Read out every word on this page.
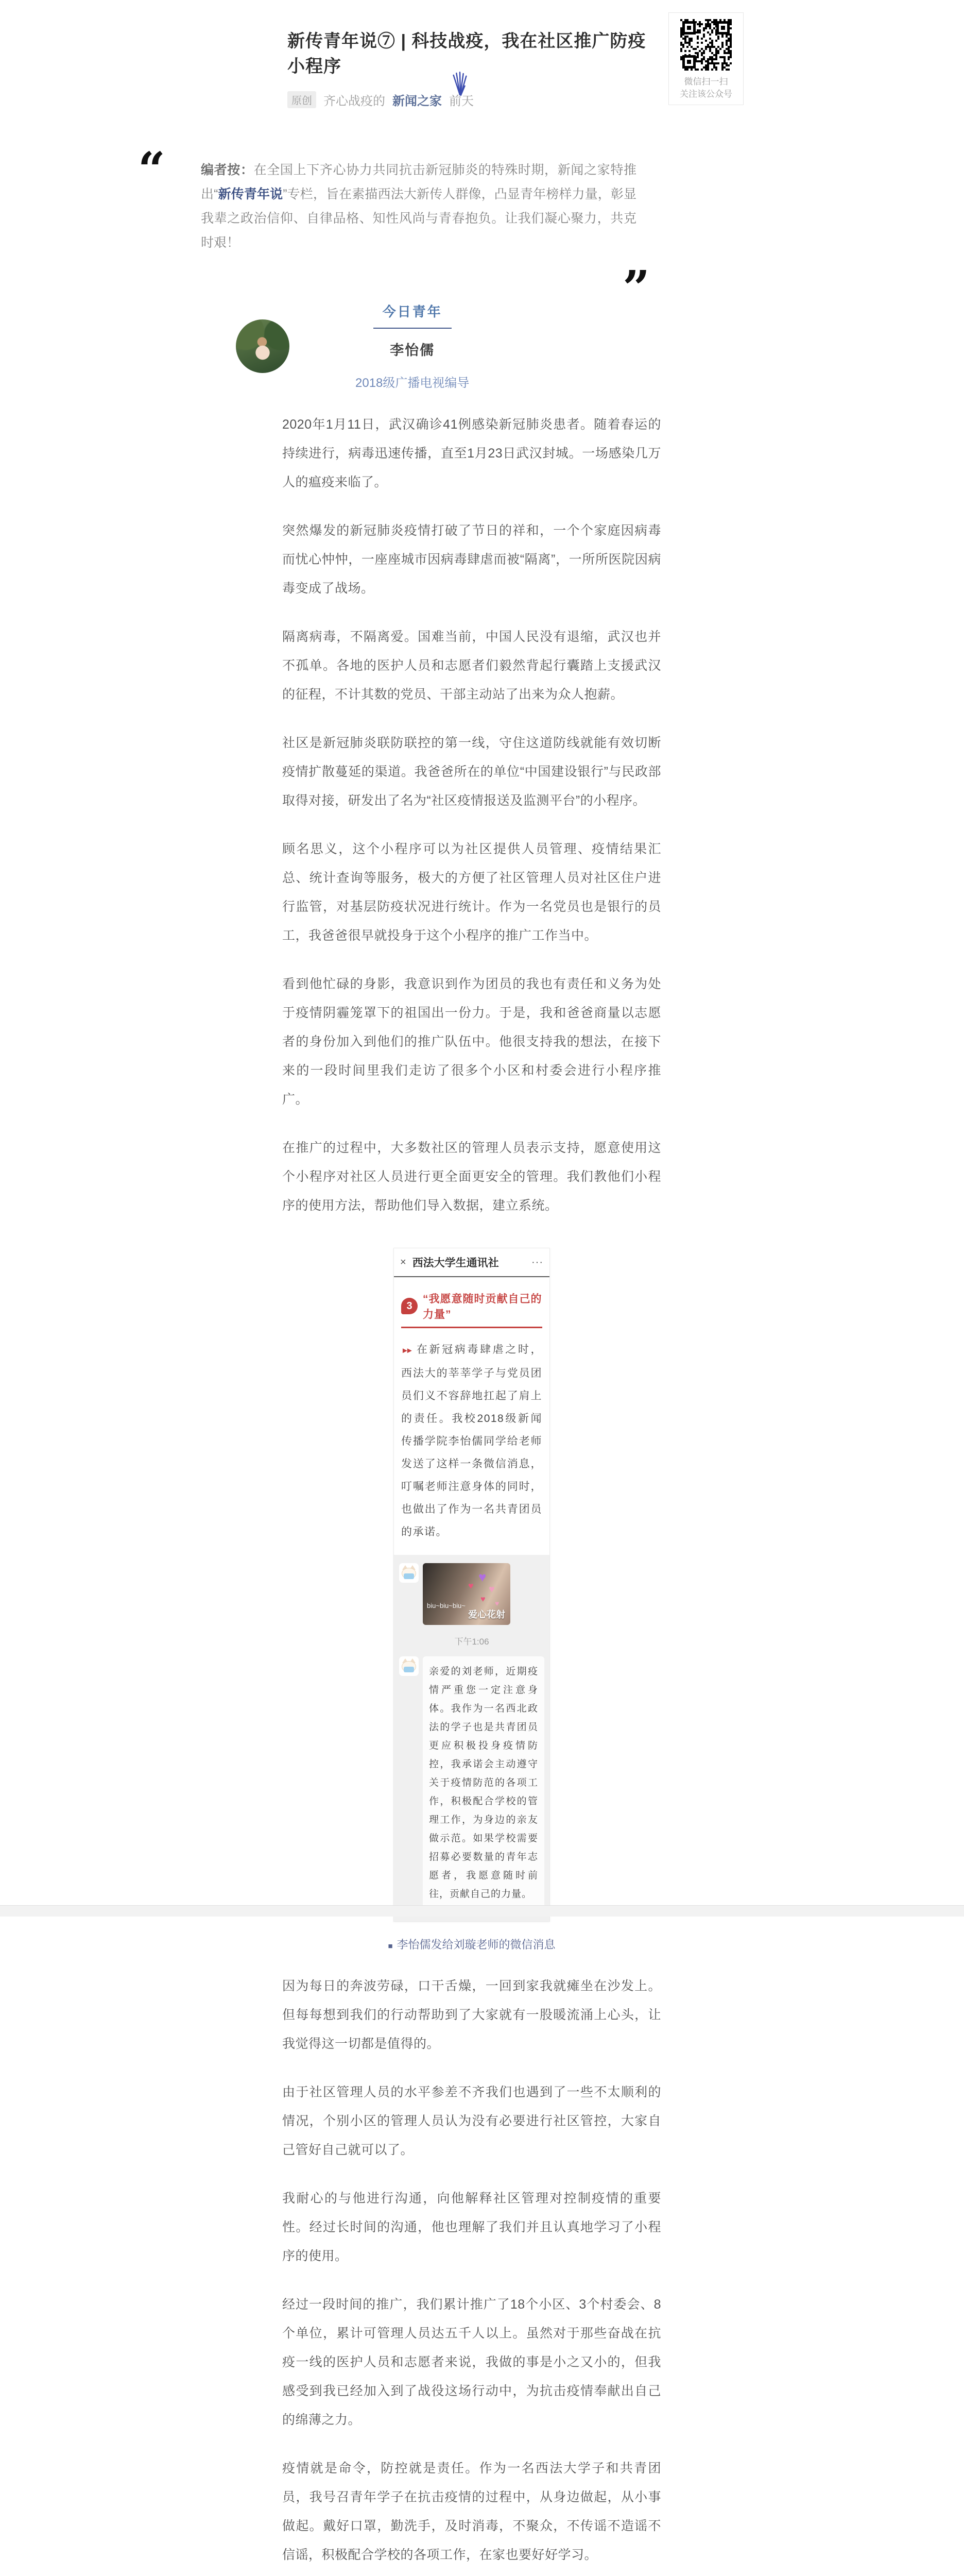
微信扫一扫
关注该公众号
新传青年说⑦ | 科技战疫，我在社区推广防疫小程序
原创 齐心战疫的 新闻之家 前天
“	编者按：在全国上下齐心协力共同抗击新冠肺炎的特殊时期，新闻之家特推出“新传青年说”专栏，旨在素描西法大新传人群像，凸显青年榜样力量，彰显我辈之政治信仰、自律品格、知性风尚与青春抱负。让我们凝心聚力，共克时艰！
”
今日青年
李怡儒
2018级广播电视编导

2020年1月11日，武汉确诊41例感染新冠肺炎患者。随着春运的持续进行，病毒迅速传播，直至1月23日武汉封城。一场感染几万人的瘟疫来临了。

突然爆发的新冠肺炎疫情打破了节日的祥和，一个个家庭因病毒而忧心忡忡，一座座城市因病毒肆虐而被“隔离”，一所所医院因病毒变成了战场。

隔离病毒，不隔离爱。国难当前，中国人民没有退缩，武汉也并不孤单。各地的医护人员和志愿者们毅然背起行囊踏上支援武汉的征程，不计其数的党员、干部主动站了出来为众人抱薪。

社区是新冠肺炎联防联控的第一线，守住这道防线就能有效切断疫情扩散蔓延的渠道。我爸爸所在的单位“中国建设银行”与民政部取得对接，研发出了名为“社区疫情报送及监测平台”的小程序。

顾名思义，这个小程序可以为社区提供人员管理、疫情结果汇总、统计查询等服务，极大的方便了社区管理人员对社区住户进行监管，对基层防疫状况进行统计。作为一名党员也是银行的员工，我爸爸很早就投身于这个小程序的推广工作当中。

看到他忙碌的身影，我意识到作为团员的我也有责任和义务为处于疫情阴霾笼罩下的祖国出一份力。于是，我和爸爸商量以志愿者的身份加入到他们的推广队伍中。他很支持我的想法，在接下来的一段时间里我们走访了很多个小区和村委会进行小程序推广。

在推广的过程中，大多数社区的管理人员表示支持，愿意使用这个小程序对社区人员进行更全面更安全的管理。我们教他们小程序的使用方法，帮助他们导入数据，建立系统。

× 西法大学生通讯社	···
3
“我愿意随时贡献自己的力量”

►► 在新冠病毒肆虐之时，西法大的莘莘学子与党员团员们义不容辞地扛起了肩上的责任。我校2018级新闻传播学院李怡儒同学给老师发送了这样一条微信消息，叮嘱老师注意身体的同时，也做出了作为一名共青团员的承诺。

♥
♥ ♥
♥ ♥
biu~biu~biu~
爱心花射
下午1:06
亲爱的刘老师，近期疫情严重您一定注意身体。我作为一名西北政法的学子也是共青团员更应积极投身疫情防控，我承诺会主动遵守关于疫情防范的各项工作，积极配合学校的管理工作，为身边的亲友做示范。如果学校需要招募必要数量的青年志愿者，我愿意随时前往，贡献自己的力量。
■ 李怡儒发给刘璇老师的微信消息

因为每日的奔波劳碌，口干舌燥，一回到家我就瘫坐在沙发上。但每每想到我们的行动帮助到了大家就有一股暖流涌上心头，让我觉得这一切都是值得的。

由于社区管理人员的水平参差不齐我们也遇到了一些不太顺利的情况，个别小区的管理人员认为没有必要进行社区管控，大家自己管好自己就可以了。

我耐心的与他进行沟通，向他解释社区管理对控制疫情的重要性。经过长时间的沟通，他也理解了我们并且认真地学习了小程序的使用。

经过一段时间的推广，我们累计推广了18个小区、3个村委会、8个单位，累计可管理人员达五千人以上。虽然对于那些奋战在抗疫一线的医护人员和志愿者来说，我做的事是小之又小的，但我感受到我已经加入到了战役这场行动中，为抗击疫情奉献出自己的绵薄之力。

疫情就是命令，防控就是责任。作为一名西法大学子和共青团员，我号召青年学子在抗击疫情的过程中，从身边做起，从小事做起。戴好口罩，勤洗手，及时消毒，不聚众，不传谣不造谣不信谣，积极配合学校的各项工作，在家也要好好学习。
